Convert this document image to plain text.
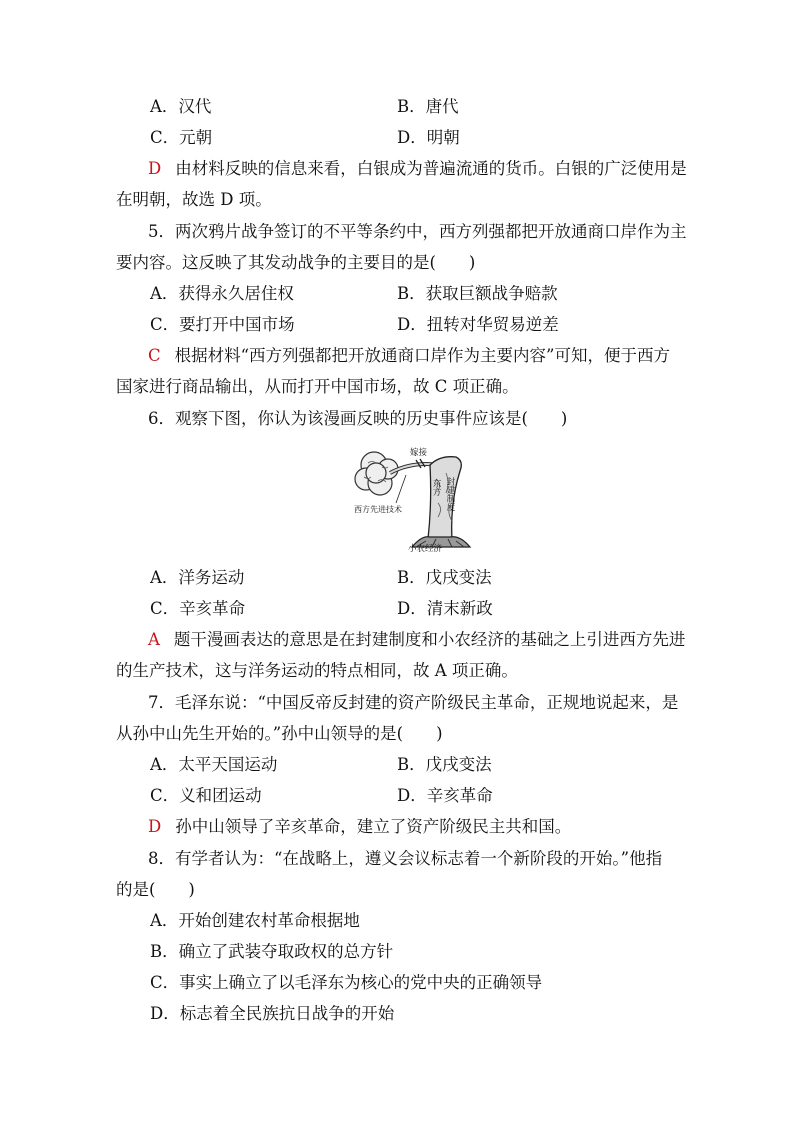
A．汉代	B．唐代
C．元朝	D．明朝
D 由材料反映的信息来看，白银成为普遍流通的货币。白银的广泛使用是
在明朝，故选 D 项。
5．两次鸦片战争签订的不平等条约中，西方列强都把开放通商口岸作为主
要内容。这反映了其发动战争的主要目的是(　　)
A．获得永久居住权	B．获取巨额战争赔款
C．要打开中国市场	D．扭转对华贸易逆差
C 根据材料“西方列强都把开放通商口岸作为主要内容”可知，便于西方
国家进行商品输出，从而打开中国市场，故 C 项正确。
6．观察下图，你认为该漫画反映的历史事件应该是(　　)
嫁接
西方先进技术
东方 封建制度
小农经济
A．洋务运动	B．戊戌变法
C．辛亥革命	D．清末新政
A 题干漫画表达的意思是在封建制度和小农经济的基础之上引进西方先进
的生产技术，这与洋务运动的特点相同，故 A 项正确。
7．毛泽东说：“中国反帝反封建的资产阶级民主革命，正规地说起来，是
从孙中山先生开始的。”孙中山领导的是(　　)
A．太平天国运动	B．戊戌变法
C．义和团运动	D．辛亥革命
D 孙中山领导了辛亥革命，建立了资产阶级民主共和国。
8．有学者认为：“在战略上，遵义会议标志着一个新阶段的开始。”他指
的是(　　)
A．开始创建农村革命根据地
B．确立了武装夺取政权的总方针
C．事实上确立了以毛泽东为核心的党中央的正确领导
D．标志着全民族抗日战争的开始
